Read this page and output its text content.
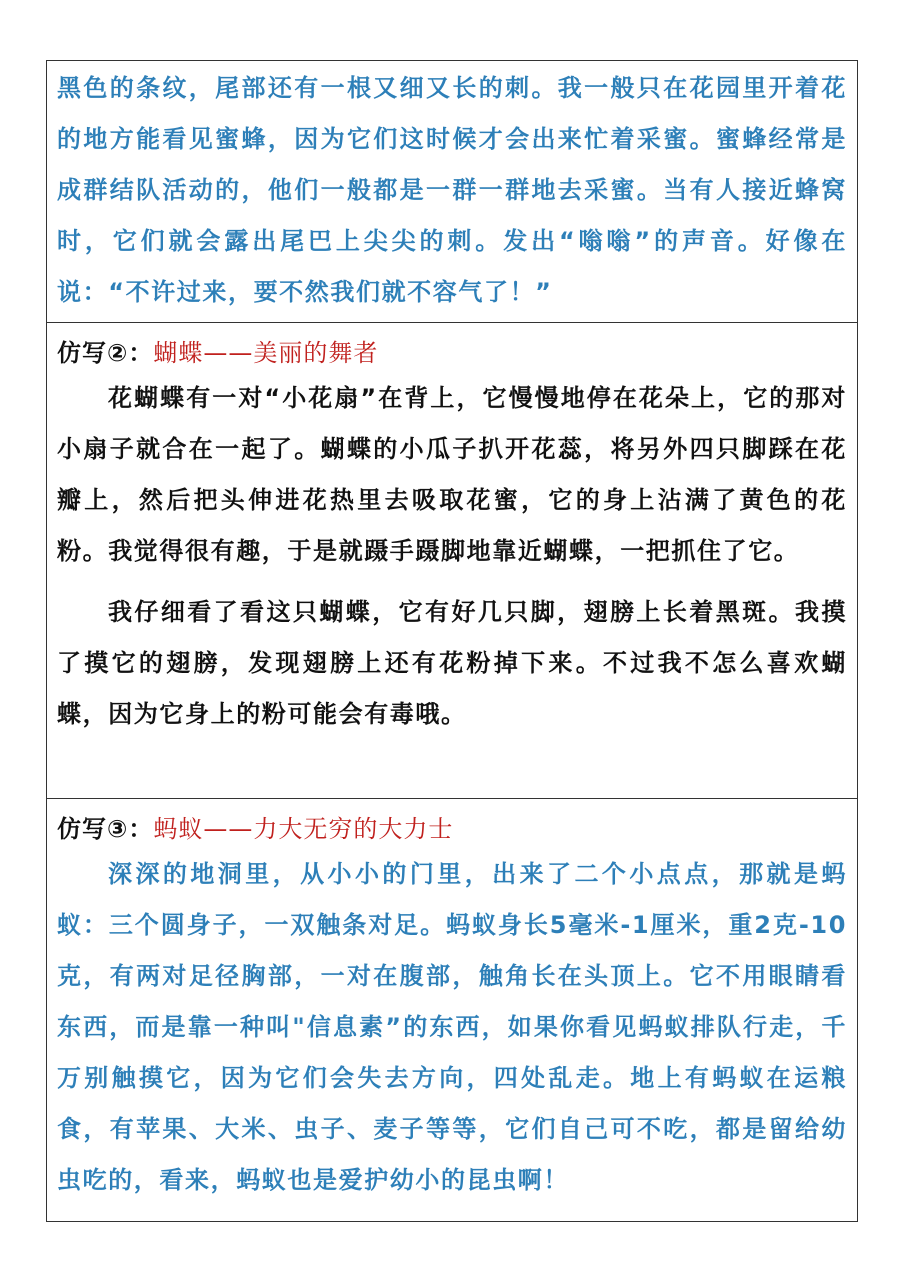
黑色的条纹，尾部还有一根又细又长的刺。我一般只在花园里开着花的地方能看见蜜蜂，因为它们这时候才会出来忙着采蜜。蜜蜂经常是成群结队活动的，他们一般都是一群一群地去采蜜。当有人接近蜂窝时，它们就会露出尾巴上尖尖的刺。发出“嗡嗡”的声音。好像在说：“不许过来，要不然我们就不容气了！”

仿写②：蝴蝶——美丽的舞者

花蝴蝶有一对“小花扇”在背上，它慢慢地停在花朵上，它的那对小扇子就合在一起了。蝴蝶的小瓜子扒开花蕊，将另外四只脚踩在花瓣上，然后把头伸进花热里去吸取花蜜，它的身上沾满了黄色的花粉。我觉得很有趣，于是就蹑手蹑脚地靠近蝴蝶，一把抓住了它。

我仔细看了看这只蝴蝶，它有好几只脚，翅膀上长着黑斑。我摸了摸它的翅膀，发现翅膀上还有花粉掉下来。不过我不怎么喜欢蝴蝶，因为它身上的粉可能会有毒哦。

仿写③：蚂蚁——力大无穷的大力士

深深的地洞里，从小小的门里，出来了二个小点点，那就是蚂蚁：三个圆身子，一双触条对足。蚂蚁身长5毫米-1厘米，重2克-10克，有两对足径胸部，一对在腹部，触角长在头顶上。它不用眼睛看东西，而是靠一种叫"信息素”的东西，如果你看见蚂蚁排队行走，千万别触摸它，因为它们会失去方向，四处乱走。地上有蚂蚁在运粮食，有苹果、大米、虫子、麦子等等，它们自己可不吃，都是留给幼虫吃的，看来，蚂蚁也是爱护幼小的昆虫啊！
